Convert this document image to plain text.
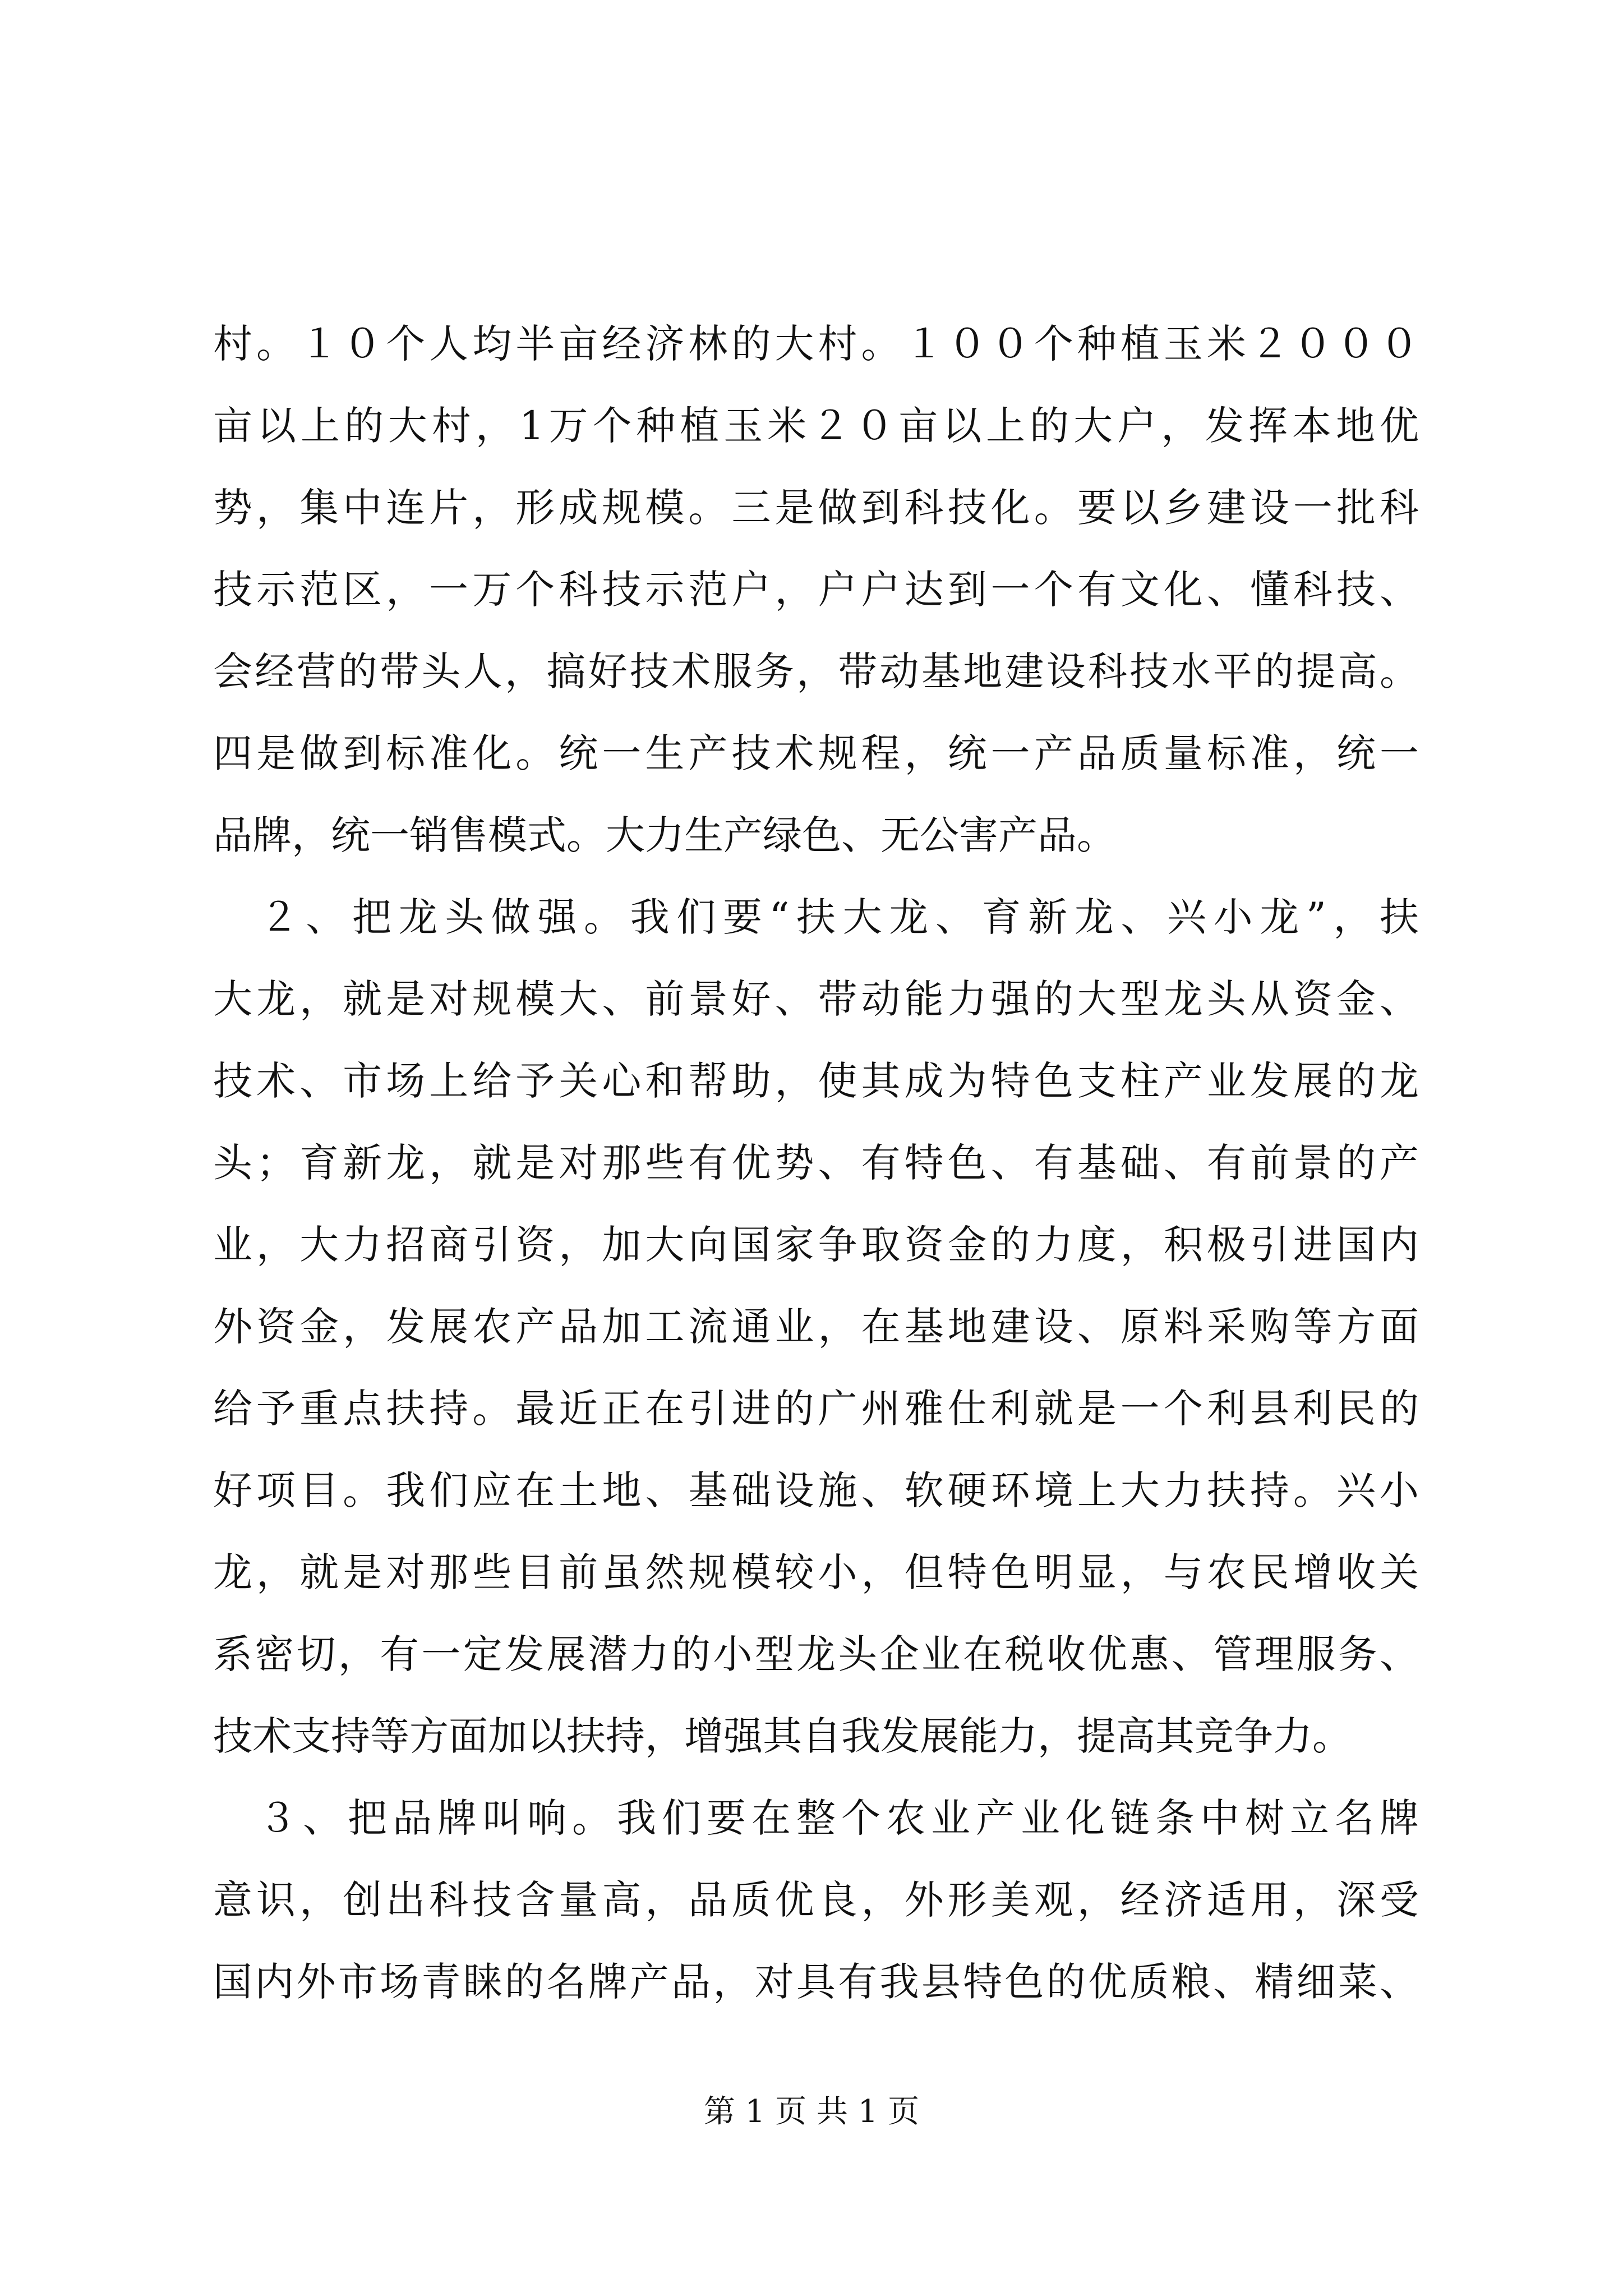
村。１０个人均半亩经济林的大村。１００个种植玉米２０００
亩以上的大村，1万个种植玉米２０亩以上的大户，发挥本地优
势，集中连片，形成规模。三是做到科技化。要以乡建设一批科
技示范区，一万个科技示范户，户户达到一个有文化、懂科技、
会经营的带头人，搞好技术服务，带动基地建设科技水平的提高。
四是做到标准化。统一生产技术规程，统一产品质量标准，统一
品牌，统一销售模式。大力生产绿色、无公害产品。
　２、把龙头做强。我们要“扶大龙、育新龙、兴小龙”，扶
大龙，就是对规模大、前景好、带动能力强的大型龙头从资金、
技术、市场上给予关心和帮助，使其成为特色支柱产业发展的龙
头；育新龙，就是对那些有优势、有特色、有基础、有前景的产
业，大力招商引资，加大向国家争取资金的力度，积极引进国内
外资金，发展农产品加工流通业，在基地建设、原料采购等方面
给予重点扶持。最近正在引进的广州雅仕利就是一个利县利民的
好项目。我们应在土地、基础设施、软硬环境上大力扶持。兴小
龙，就是对那些目前虽然规模较小，但特色明显，与农民增收关
系密切，有一定发展潜力的小型龙头企业在税收优惠、管理服务、
技术支持等方面加以扶持，增强其自我发展能力，提高其竞争力。
　３、把品牌叫响。我们要在整个农业产业化链条中树立名牌
意识，创出科技含量高，品质优良，外形美观，经济适用，深受
国内外市场青睐的名牌产品，对具有我县特色的优质粮、精细菜、
第 1 页 共 1 页
